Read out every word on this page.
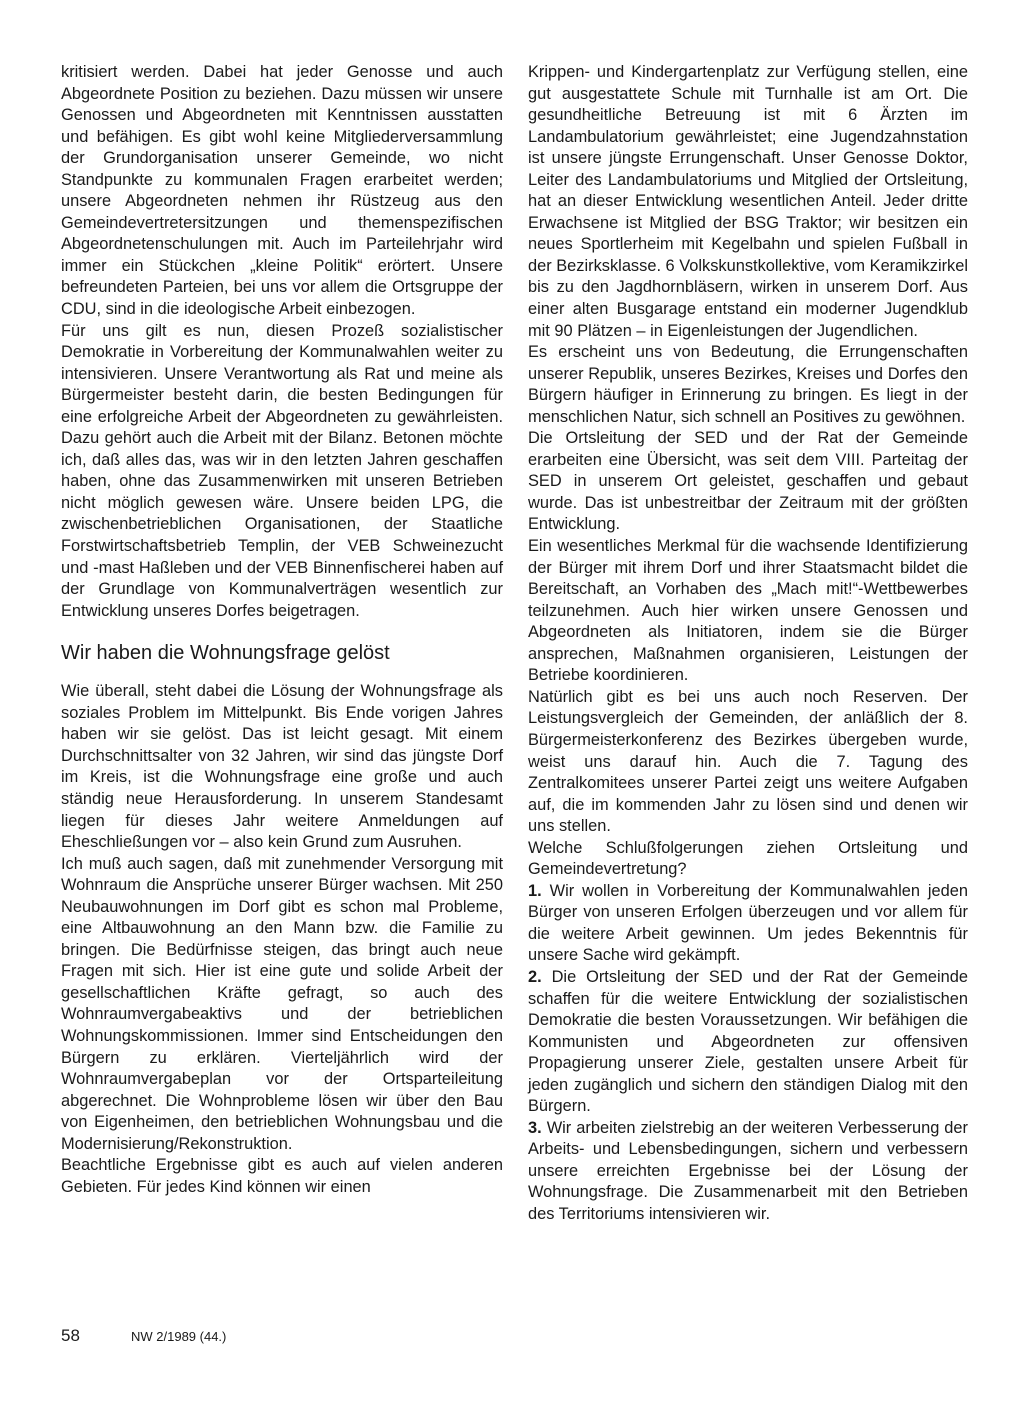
kritisiert werden. Dabei hat jeder Genosse und auch Abgeordnete Position zu beziehen. Dazu müssen wir unsere Genossen und Abgeordneten mit Kenntnissen ausstatten und befähigen. Es gibt wohl keine Mitgliederversammlung der Grundorganisation unserer Gemeinde, wo nicht Standpunkte zu kommunalen Fragen erarbeitet werden; unsere Abgeordneten nehmen ihr Rüstzeug aus den Gemeindevertretersitzungen und themenspezifischen Abgeordnetenschulungen mit. Auch im Parteilehrjahr wird immer ein Stückchen „kleine Politik“ erörtert. Unsere befreundeten Parteien, bei uns vor allem die Ortsgruppe der CDU, sind in die ideologische Arbeit einbezogen.

Für uns gilt es nun, diesen Prozeß sozialistischer Demokratie in Vorbereitung der Kommunalwahlen weiter zu intensivieren. Unsere Verantwortung als Rat und meine als Bürgermeister besteht darin, die besten Bedingungen für eine erfolgreiche Arbeit der Abgeordneten zu gewährleisten. Dazu gehört auch die Arbeit mit der Bilanz. Betonen möchte ich, daß alles das, was wir in den letzten Jahren geschaffen haben, ohne das Zusammenwirken mit unseren Betrieben nicht möglich gewesen wäre. Unsere beiden LPG, die zwischenbetrieblichen Organisationen, der Staatliche Forstwirtschaftsbetrieb Templin, der VEB Schweinezucht und -mast Haßleben und der VEB Binnenfischerei haben auf der Grundlage von Kommunalverträgen wesentlich zur Entwicklung unseres Dorfes beigetragen.

Wir haben die Wohnungsfrage gelöst

Wie überall, steht dabei die Lösung der Wohnungsfrage als soziales Problem im Mittelpunkt. Bis Ende vorigen Jahres haben wir sie gelöst. Das ist leicht gesagt. Mit einem Durchschnittsalter von 32 Jahren, wir sind das jüngste Dorf im Kreis, ist die Wohnungsfrage eine große und auch ständig neue Herausforderung. In unserem Standesamt liegen für dieses Jahr weitere Anmeldungen auf Eheschließungen vor – also kein Grund zum Ausruhen.

Ich muß auch sagen, daß mit zunehmender Versorgung mit Wohnraum die Ansprüche unserer Bürger wachsen. Mit 250 Neubauwohnungen im Dorf gibt es schon mal Probleme, eine Altbauwohnung an den Mann bzw. die Familie zu bringen. Die Bedürfnisse steigen, das bringt auch neue Fragen mit sich. Hier ist eine gute und solide Arbeit der gesellschaftlichen Kräfte gefragt, so auch des Wohnraumvergabeaktivs und der betrieblichen Wohnungskommissionen. Immer sind Entscheidungen den Bürgern zu erklären. Vierteljährlich wird der Wohnraumvergabeplan vor der Ortsparteileitung abgerechnet. Die Wohnprobleme lösen wir über den Bau von Eigenheimen, den betrieblichen Wohnungsbau und die Modernisierung/Rekonstruktion.

Beachtliche Ergebnisse gibt es auch auf vielen anderen Gebieten. Für jedes Kind können wir einen

Krippen- und Kindergartenplatz zur Verfügung stellen, eine gut ausgestattete Schule mit Turnhalle ist am Ort. Die gesundheitliche Betreuung ist mit 6 Ärzten im Landambulatorium gewährleistet; eine Jugendzahnstation ist unsere jüngste Errungenschaft. Unser Genosse Doktor, Leiter des Landambulatoriums und Mitglied der Ortsleitung, hat an dieser Entwicklung wesentlichen Anteil. Jeder dritte Erwachsene ist Mitglied der BSG Traktor; wir besitzen ein neues Sportlerheim mit Kegelbahn und spielen Fußball in der Bezirksklasse. 6 Volkskunstkollektive, vom Keramikzirkel bis zu den Jagdhornbläsern, wirken in unserem Dorf. Aus einer alten Busgarage entstand ein moderner Jugendklub mit 90 Plätzen – in Eigenleistungen der Jugendlichen.

Es erscheint uns von Bedeutung, die Errungenschaften unserer Republik, unseres Bezirkes, Kreises und Dorfes den Bürgern häufiger in Erinnerung zu bringen. Es liegt in der menschlichen Natur, sich schnell an Positives zu gewöhnen.

Die Ortsleitung der SED und der Rat der Gemeinde erarbeiten eine Übersicht, was seit dem VIII. Parteitag der SED in unserem Ort geleistet, geschaffen und gebaut wurde. Das ist unbestreitbar der Zeitraum mit der größten Entwicklung.

Ein wesentliches Merkmal für die wachsende Identifizierung der Bürger mit ihrem Dorf und ihrer Staatsmacht bildet die Bereitschaft, an Vorhaben des „Mach mit!“-Wettbewerbes teilzunehmen. Auch hier wirken unsere Genossen und Abgeordneten als Initiatoren, indem sie die Bürger ansprechen, Maßnahmen organisieren, Leistungen der Betriebe koordinieren.

Natürlich gibt es bei uns auch noch Reserven. Der Leistungsvergleich der Gemeinden, der anläßlich der 8. Bürgermeisterkonferenz des Bezirkes übergeben wurde, weist uns darauf hin. Auch die 7. Tagung des Zentralkomitees unserer Partei zeigt uns weitere Aufgaben auf, die im kommenden Jahr zu lösen sind und denen wir uns stellen.

Welche Schlußfolgerungen ziehen Ortsleitung und Gemeindevertretung?

1. Wir wollen in Vorbereitung der Kommunalwahlen jeden Bürger von unseren Erfolgen überzeugen und vor allem für die weitere Arbeit gewinnen. Um jedes Bekenntnis für unsere Sache wird gekämpft.

2. Die Ortsleitung der SED und der Rat der Gemeinde schaffen für die weitere Entwicklung der sozialistischen Demokratie die besten Voraussetzungen. Wir befähigen die Kommunisten und Abgeordneten zur offensiven Propagierung unserer Ziele, gestalten unsere Arbeit für jeden zugänglich und sichern den ständigen Dialog mit den Bürgern.

3. Wir arbeiten zielstrebig an der weiteren Verbesserung der Arbeits- und Lebensbedingungen, sichern und verbessern unsere erreichten Ergebnisse bei der Lösung der Wohnungsfrage. Die Zusammenarbeit mit den Betrieben des Territoriums intensivieren wir.

58	NW 2/1989 (44.)
